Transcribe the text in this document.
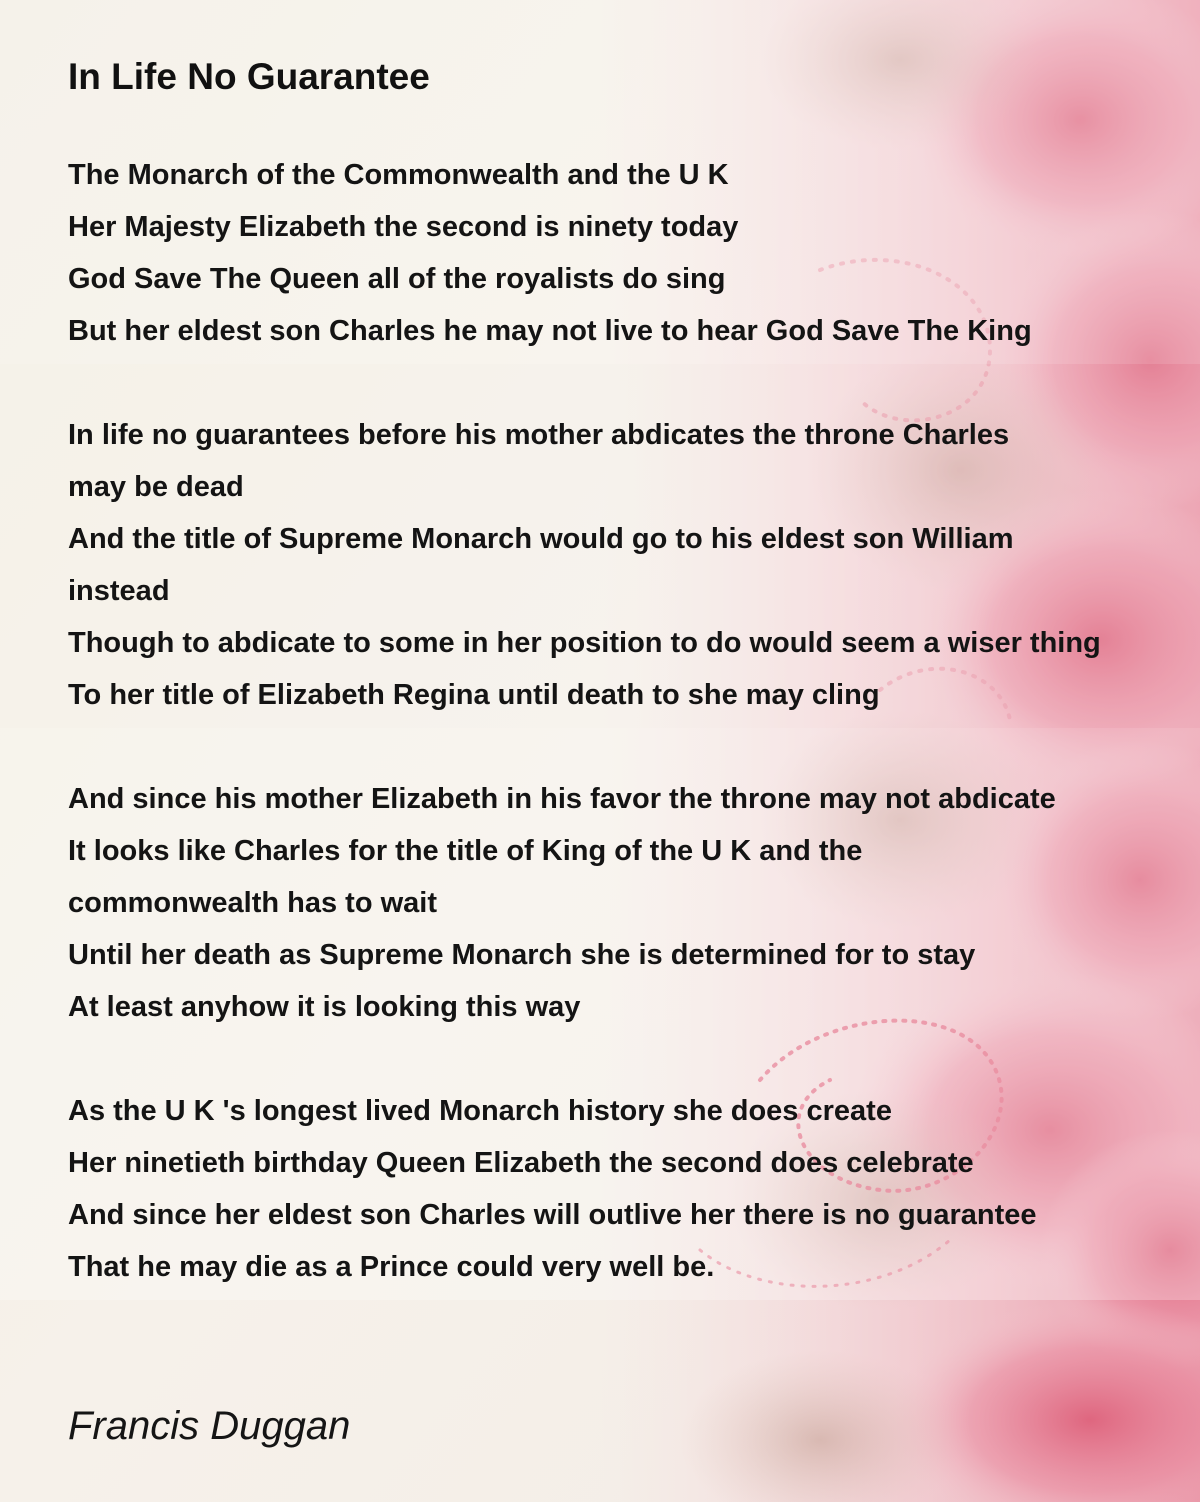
In Life No Guarantee
The Monarch of the Commonwealth and the U K
Her Majesty Elizabeth the second is ninety today
God Save The Queen all of the royalists do sing
But her eldest son Charles he may not live to hear God Save The King
In life no guarantees before his mother abdicates the throne Charles
may be dead
And the title of Supreme Monarch would go to his eldest son William
instead
Though to abdicate to some in her position to do would seem a wiser thing
To her title of Elizabeth Regina until death to she may cling
And since his mother Elizabeth in his favor the throne may not abdicate
It looks like Charles for the title of King of the U K and the
commonwealth has to wait
Until her death as Supreme Monarch she is determined for to stay
At least anyhow it is looking this way
As the U K 's longest lived Monarch history she does create
Her ninetieth birthday Queen Elizabeth the second does celebrate
And since her eldest son Charles will outlive her there is no guarantee
That he may die as a Prince could very well be.
Francis Duggan
